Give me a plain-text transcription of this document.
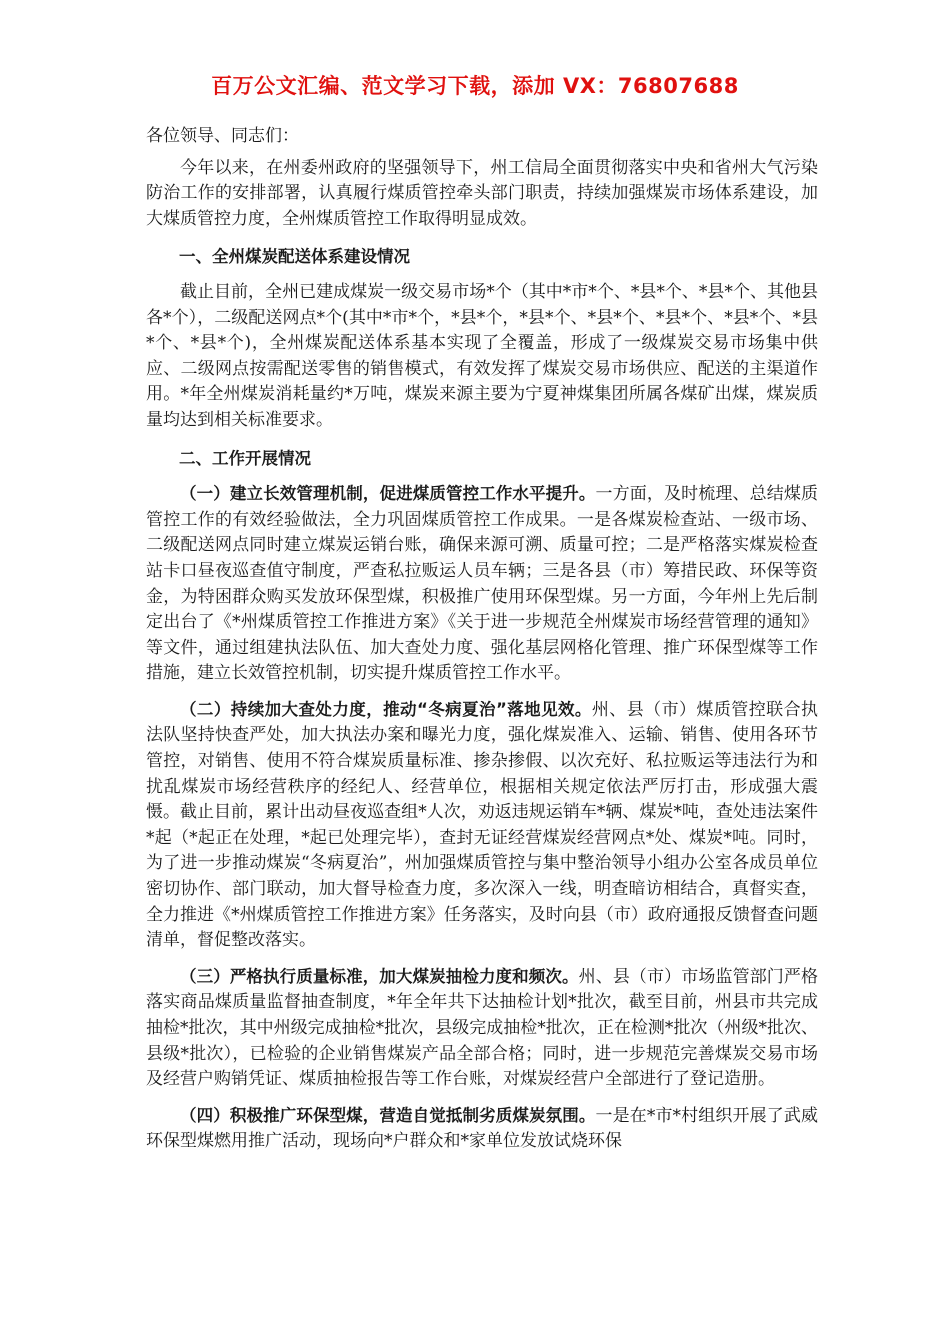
百万公文汇编、范文学习下载，添加 VX：76807688

各位领导、同志们：

今年以来，在州委州政府的坚强领导下，州工信局全面贯彻落实中央和省州大气污染防治工作的安排部署，认真履行煤质管控牵头部门职责，持续加强煤炭市场体系建设，加大煤质管控力度，全州煤质管控工作取得明显成效。

一、全州煤炭配送体系建设情况

截止目前，全州已建成煤炭一级交易市场*个（其中*市*个、*县*个、*县*个、其他县各*个），二级配送网点*个(其中*市*个，*县*个，*县*个、*县*个、*县*个、*县*个、*县*个、*县*个)，全州煤炭配送体系基本实现了全覆盖，形成了一级煤炭交易市场集中供应、二级网点按需配送零售的销售模式，有效发挥了煤炭交易市场供应、配送的主渠道作用。*年全州煤炭消耗量约*万吨，煤炭来源主要为宁夏神煤集团所属各煤矿出煤，煤炭质量均达到相关标准要求。

二、工作开展情况

（一）建立长效管理机制，促进煤质管控工作水平提升。一方面，及时梳理、总结煤质管控工作的有效经验做法，全力巩固煤质管控工作成果。一是各煤炭检查站、一级市场、二级配送网点同时建立煤炭运销台账，确保来源可溯、质量可控；二是严格落实煤炭检查站卡口昼夜巡查值守制度，严查私拉贩运人员车辆；三是各县（市）筹措民政、环保等资金，为特困群众购买发放环保型煤，积极推广使用环保型煤。另一方面，今年州上先后制定出台了《*州煤质管控工作推进方案》《关于进一步规范全州煤炭市场经营管理的通知》等文件，通过组建执法队伍、加大查处力度、强化基层网格化管理、推广环保型煤等工作措施，建立长效管控机制，切实提升煤质管控工作水平。

（二）持续加大查处力度，推动“冬病夏治”落地见效。州、县（市）煤质管控联合执法队坚持快查严处，加大执法办案和曝光力度，强化煤炭准入、运输、销售、使用各环节管控，对销售、使用不符合煤炭质量标准、掺杂掺假、以次充好、私拉贩运等违法行为和扰乱煤炭市场经营秩序的经纪人、经营单位，根据相关规定依法严厉打击，形成强大震慑。截止目前，累计出动昼夜巡查组*人次，劝返违规运销车*辆、煤炭*吨，查处违法案件*起（*起正在处理，*起已处理完毕），查封无证经营煤炭经营网点*处、煤炭*吨。同时，为了进一步推动煤炭“冬病夏治”，州加强煤质管控与集中整治领导小组办公室各成员单位密切协作、部门联动，加大督导检查力度，多次深入一线，明查暗访相结合，真督实查，全力推进《*州煤质管控工作推进方案》任务落实，及时向县（市）政府通报反馈督查问题清单，督促整改落实。

（三）严格执行质量标准，加大煤炭抽检力度和频次。州、县（市）市场监管部门严格落实商品煤质量监督抽查制度，*年全年共下达抽检计划*批次，截至目前，州县市共完成抽检*批次，其中州级完成抽检*批次，县级完成抽检*批次，正在检测*批次（州级*批次、县级*批次），已检验的企业销售煤炭产品全部合格；同时，进一步规范完善煤炭交易市场及经营户购销凭证、煤质抽检报告等工作台账，对煤炭经营户全部进行了登记造册。

（四）积极推广环保型煤，营造自觉抵制劣质煤炭氛围。一是在*市*村组织开展了武威环保型煤燃用推广活动，现场向*户群众和*家单位发放试烧环保
